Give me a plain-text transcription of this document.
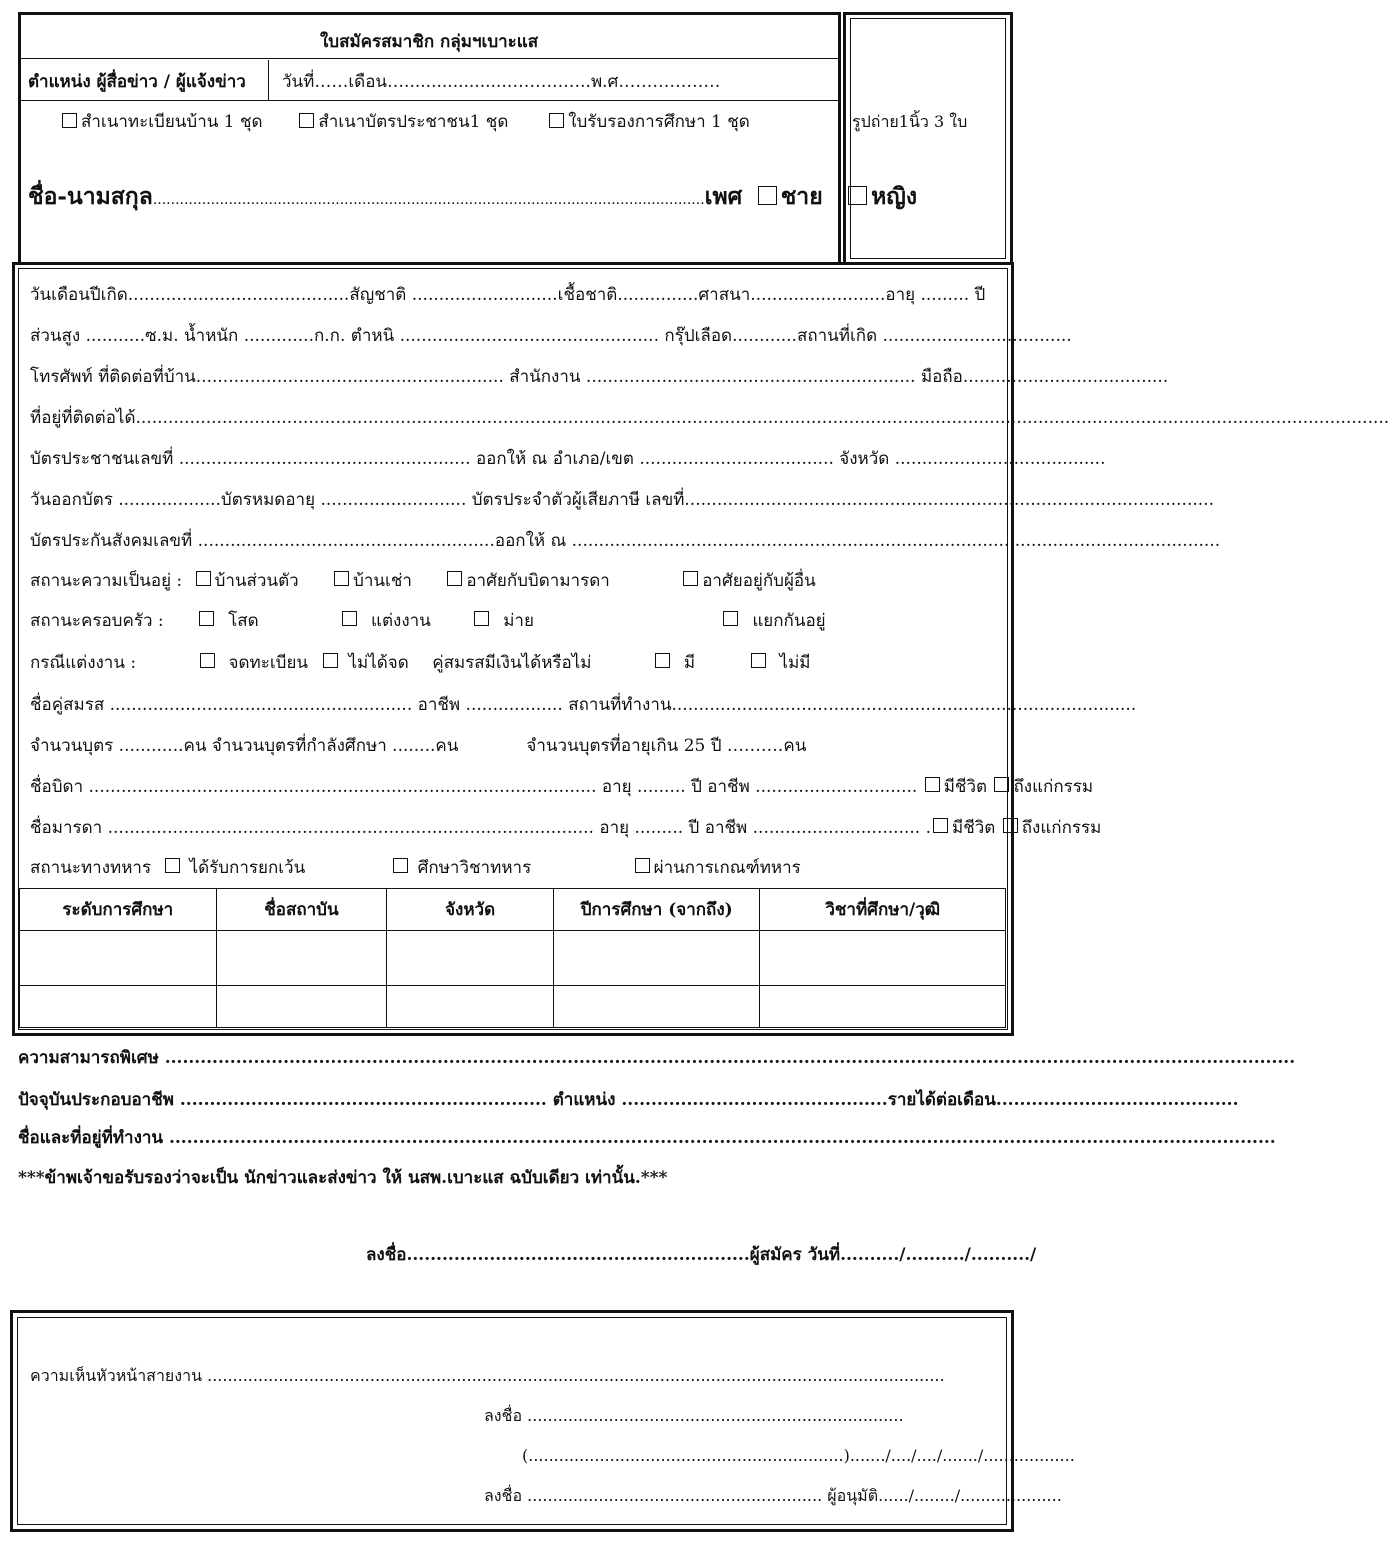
ใบสมัครสมาชิก กลุ่มฯเบาะแส
ตำแหน่ง ผู้สื่อข่าว / ผู้แจ้งข่าว วันที่……เดือน…...................……….…..พ.ศ………………
สำเนาทะเบียนบ้าน 1 ชุด	สำเนาบัตรประชาชน1 ชุด	ใบรับรองการศึกษา 1 ชุด
ชื่อ-นามสกุล............................................................................................................................เพศ ชาย หญิง
รูปถ่าย1นิ้ว 3 ใบ
วันเดือนปีเกิด.........................................สัญชาติ ...........................เชื้อชาติ...............ศาสนา.........................อายุ ......... ปี
ส่วนสูง ...........ซ.ม. น้ำหนัก .............ก.ก. ตำหนิ ................................................ กรุ๊ปเลือด............สถานที่เกิด ...................................
โทรศัพท์ ที่ติดต่อที่บ้าน......................................................... สำนักงาน ............................................................. มือถือ......................................
ที่อยู่ที่ติดต่อได้........................................................................................................................................................................................................................................
บัตรประชาชนเลขที่ ...................................................... ออกให้ ณ อำเภอ/เขต .................................... จังหวัด .......................................
วันออกบัตร ...................บัตรหมดอายุ ........................... บัตรประจำตัวผู้เสียภาษี เลขที่..................................................................................................
บัตรประกันสังคมเลขที่ .......................................................ออกให้ ณ ........................................................................................................................
สถานะความเป็นอยู่ : บ้านส่วนตัว	บ้านเช่า	อาศัยกับบิดามารดา	อาศัยอยู่กับผู้อื่น
สถานะครอบครัว :	โสด	แต่งงาน	ม่าย	แยกกันอยู่
กรณีแต่งงาน :	จดทะเบียน ไม่ได้จด คู่สมรสมีเงินได้หรือไม่	มี	ไม่มี
ชื่อคู่สมรส ........................................................ อาชีพ .................. สถานที่ทำงาน......................................................................................
จำนวนบุตร ............คน จำนวนบุตรที่กำลังศึกษา ........คน	จำนวนบุตรที่อายุเกิน 25 ปี ……….คน
ชื่อบิดา .............................................................................................. อายุ ......... ปี อาชีพ .............................. มีชีวิต ถึงแก่กรรม
ชื่อมารดา .......................................................................................... อายุ ......... ปี อาชีพ ............................... . มีชีวิต ถึงแก่กรรม
สถานะทางทหาร ได้รับการยกเว้น	ศึกษาวิชาทหาร	ผ่านการเกณฑ์ทหาร
ระดับการศึกษา	ชื่อสถาบัน	จังหวัด	ปีการศึกษา (จากถึง)	วิชาที่ศึกษา/วุฒิ

ความสามารถพิเศษ ...............................................................................................................................................................................................
ปัจจุบันประกอบอาชีพ .............................................................. ตำแหน่ง .............................................รายได้ต่อเดือน.........................................
ชื่อและที่อยู่ที่ทำงาน ...........................................................................................................................................................................................
***ข้าพเจ้าขอรับรองว่าจะเป็น นักข่าวและส่งข่าว ให้ นสพ.เบาะแส ฉบับเดียว เท่านั้น.***
ลงชื่อ..........................................................ผู้สมัคร วันที่........../........../........../
ความเห็นหัวหน้าสายงาน .................................................................................................................................................
ลงชื่อ ..........................................................................
(..............................................................)......./..../..../......./..................
ลงชื่อ .......................................................... ผู้อนุมัติ....../......../....................
